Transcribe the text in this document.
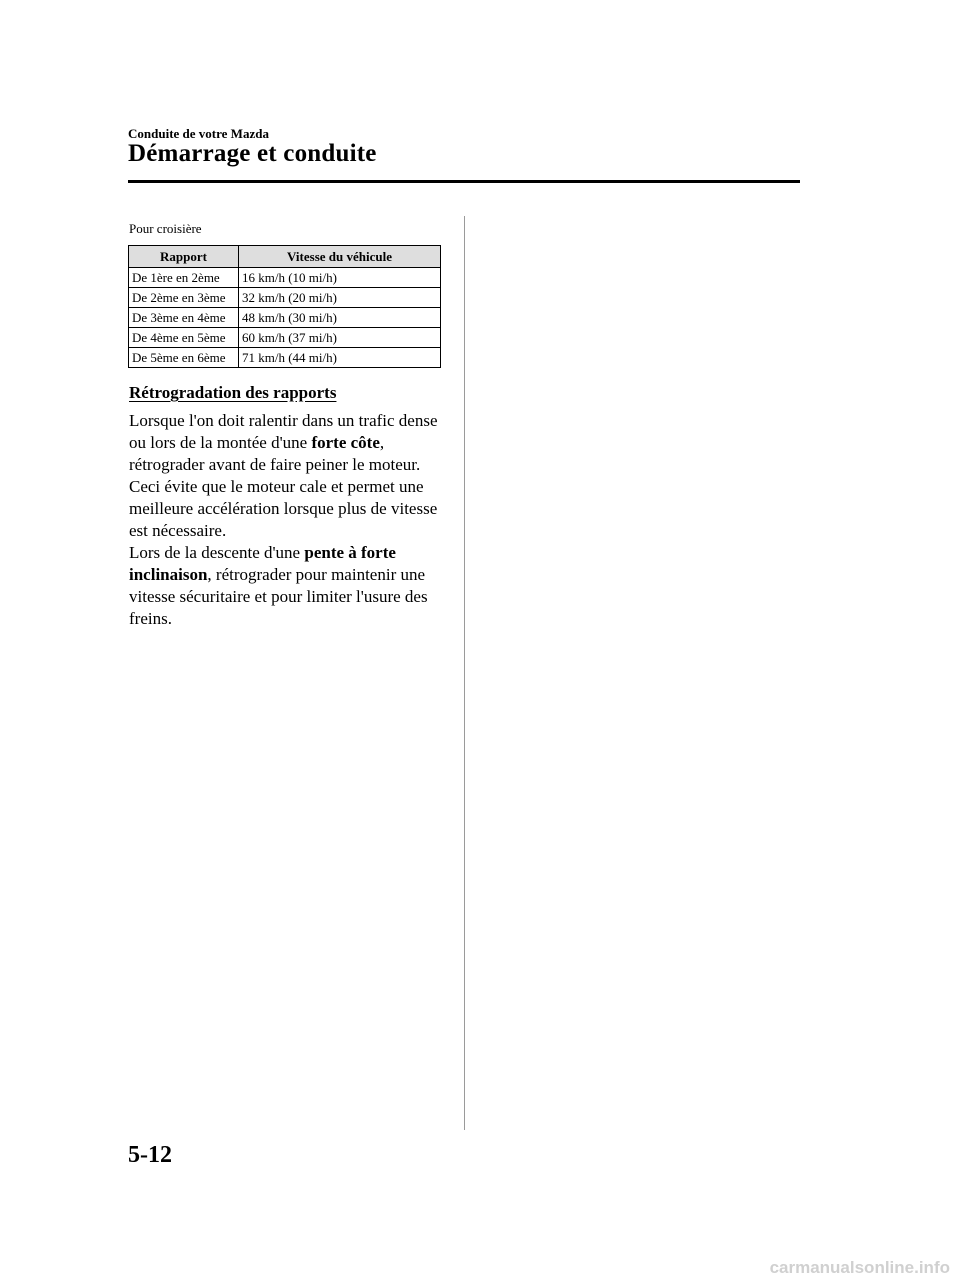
Conduite de votre Mazda
Démarrage et conduite
Pour croisière
Rapport	Vitesse du véhicule
De 1ère en 2ème	16 km/h (10 mi/h)
De 2ème en 3ème	32 km/h (20 mi/h)
De 3ème en 4ème	48 km/h (30 mi/h)
De 4ème en 5ème	60 km/h (37 mi/h)
De 5ème en 6ème	71 km/h (44 mi/h)
Rétrogradation des rapports

Lorsque l'on doit ralentir dans un trafic dense ou lors de la montée d'une forte côte, rétrograder avant de faire peiner le moteur. Ceci évite que le moteur cale et permet une meilleure accélération lorsque plus de vitesse est nécessaire.

Lors de la descente d'une pente à forte inclinaison, rétrograder pour maintenir une vitesse sécuritaire et pour limiter l'usure des freins.

5-12
carmanualsonline.info
